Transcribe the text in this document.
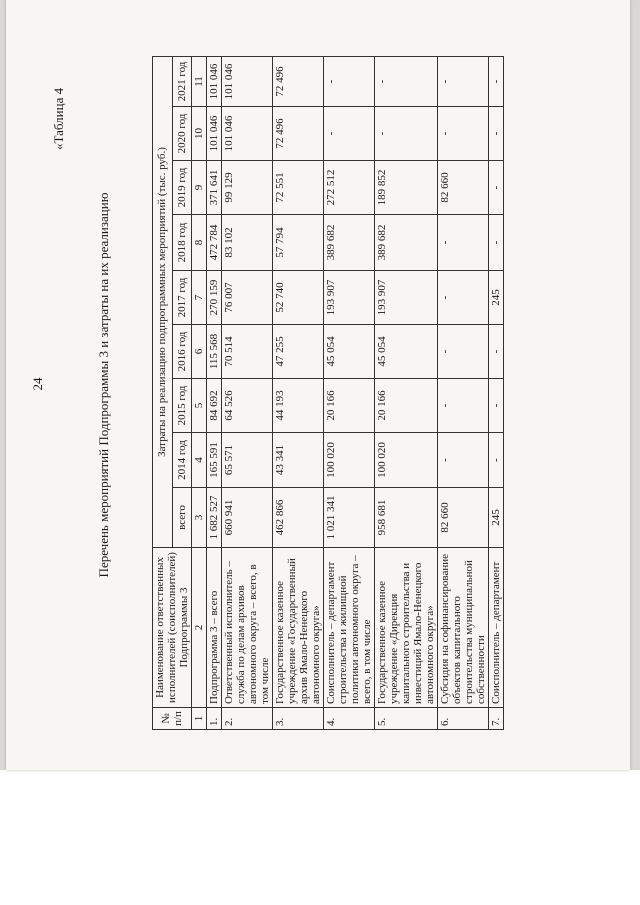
24
«Таблица 4
Перечень мероприятий Подпрограммы 3 и затраты на их реализацию
№ п/п	Наименование ответственных исполнителей (соисполнителей) Подпрограммы 3	Затраты на реализацию подпрограммных мероприятий (тыс. руб.)								
		всего	2014 год	2015 год	2016 год	2017 год	2018 год	2019 год	2020 год	2021 год
1	2	3	4	5	6	7	8	9	10	11
1.	Подпрограмма 3 – всего	1 682 527	165 591	84 692	115 568	270 159	472 784	371 641	101 046	101 046
2.	Ответственный исполнитель – служба по делам архивов автономного округа – всего, в том числе	660 941	65 571	64 526	70 514	76 007	83 102	99 129	101 046	101 046
3.	Государственное казенное учреждение «Государственный архив Ямало-Ненецкого автономного округа»	462 866	43 341	44 193	47 255	52 740	57 794	72 551	72 496	72 496
4.	Соисполнитель – департамент строительства и жилищной политики автономного округа – всего, в том числе	1 021 341	100 020	20 166	45 054	193 907	389 682	272 512	-	-
5.	Государственное казенное учреждение «Дирекция капитального строительства и инвестиций Ямало-Ненецкого автономного округа»	958 681	100 020	20 166	45 054	193 907	389 682	189 852	-	-
6.	Субсидия на софинансирование объектов капитального строительства муниципальной собственности	82 660	-	-	-	-	-	82 660	-	-
7.	Соисполнитель – департамент	245	-	-	-	245	-	-	-	-
